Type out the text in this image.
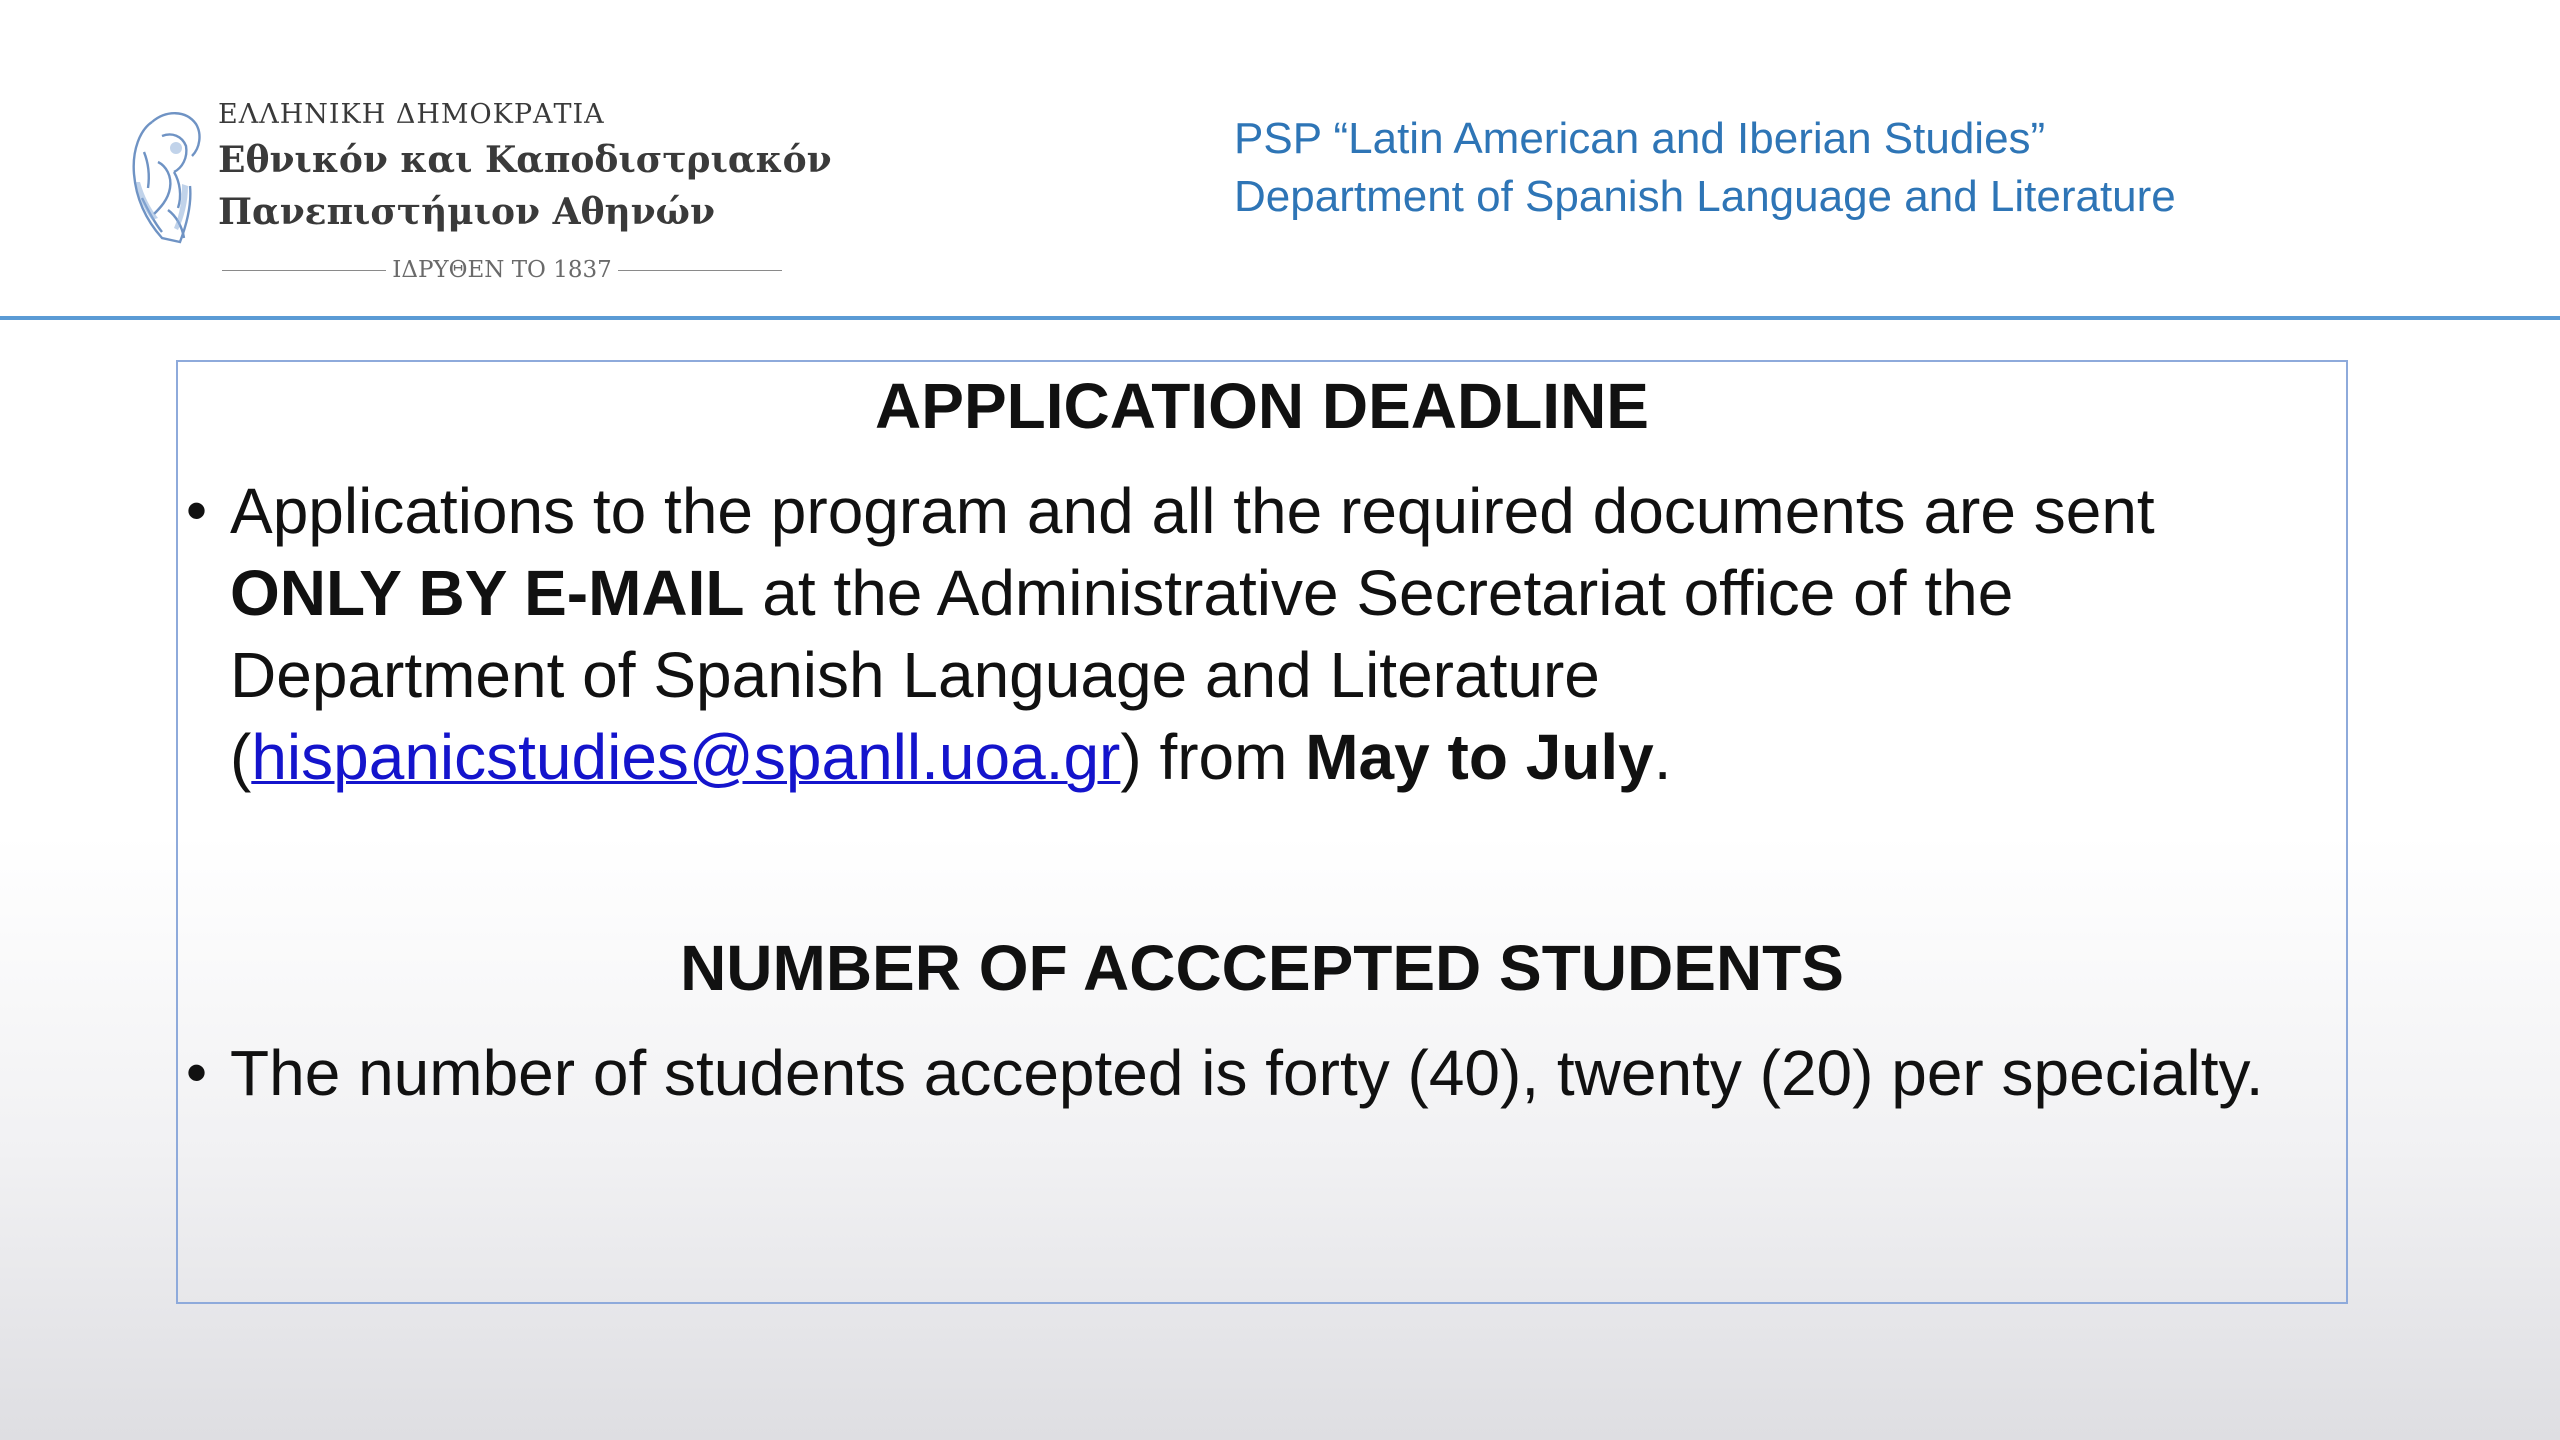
ΕΛΛΗΝΙΚΗ ΔΗΜΟΚΡΑΤΙΑ
Εθνικόν και Καποδιστριακόν
Πανεπιστήμιον Αθηνών
ΙΔΡΥΘΕΝ ΤΟ 1837
PSP “Latin American and Iberian Studies”
Department of Spanish Language and Literature
APPLICATION DEADLINE
• Applications to the program and all the required documents are sent ONLY BY E-MAIL at the Administrative Secretariat office of the Department of Spanish Language and Literature (hispanicstudies@spanll.uoa.gr) from May to July.
NUMBER OF ACCCEPTED STUDENTS
• The number of students accepted is forty (40), twenty (20) per specialty.
